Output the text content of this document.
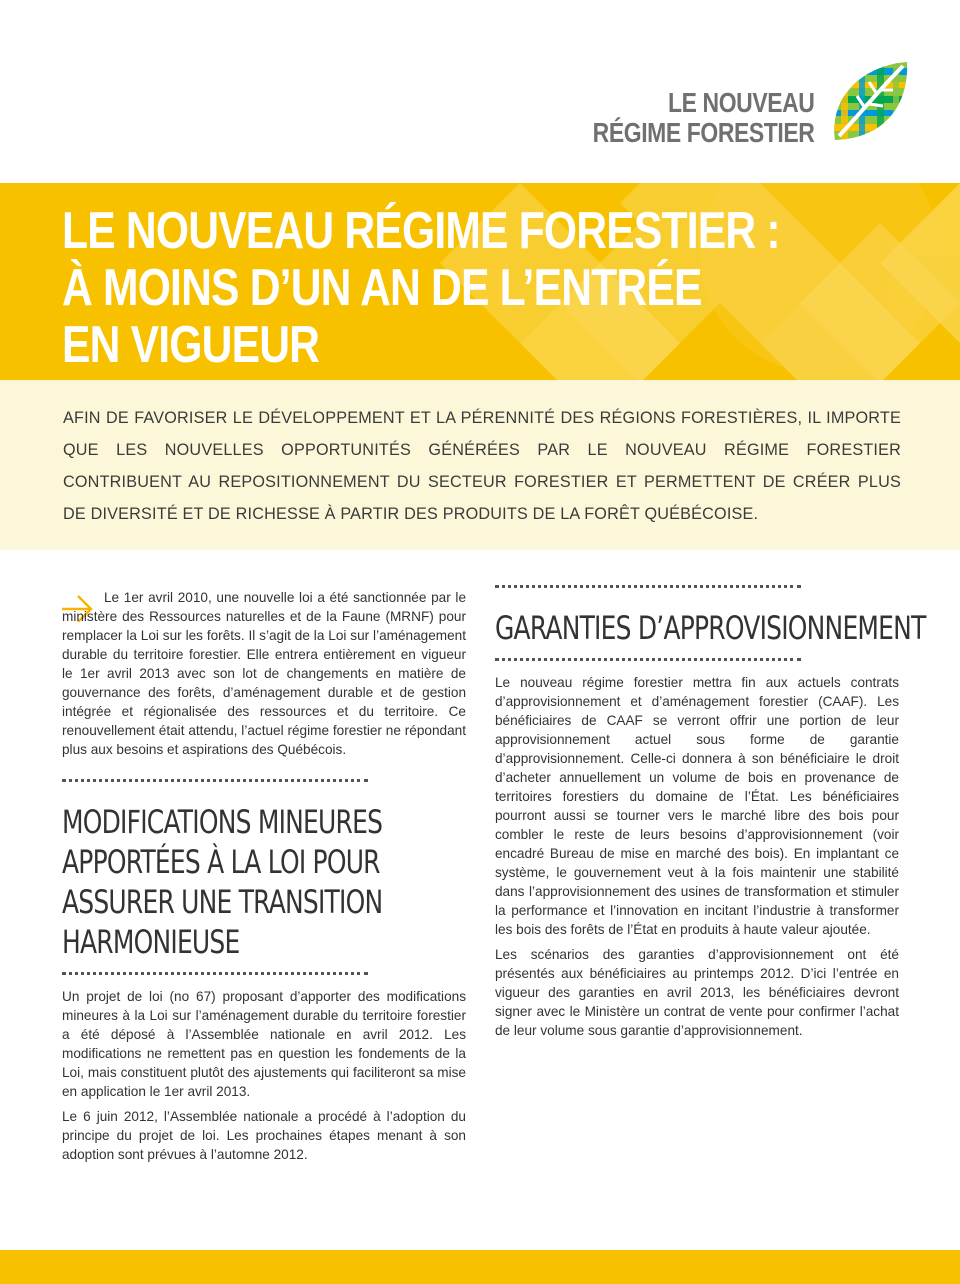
LE NOUVEAU
RÉGIME FORESTIER
LE NOUVEAU RÉGIME FORESTIER :
À MOINS D’UN AN DE L’ENTRÉE
EN VIGUEUR

AFIN DE FAVORISER LE DÉVELOPPEMENT ET LA PÉRENNITÉ DES RÉGIONS FORESTIÈRES, IL IMPORTE QUE LES NOUVELLES OPPORTUNITÉS GÉNÉRÉES PAR LE NOUVEAU RÉGIME FORESTIER CONTRIBUENT AU REPOSITIONNEMENT DU SECTEUR FORESTIER ET PERMETTENT DE CRÉER PLUS DE DIVERSITÉ ET DE RICHESSE À PARTIR DES PRODUITS DE LA FORÊT QUÉBÉCOISE.

Le 1er avril 2010, une nouvelle loi a été sanctionnée par le ministère des Ressources naturelles et de la Faune (MRNF) pour remplacer la Loi sur les forêts. Il s’agit de la Loi sur l’aménagement durable du territoire forestier. Elle entrera entièrement en vigueur le 1er avril 2013 avec son lot de changements en matière de gouvernance des forêts, d’aménagement durable et de gestion intégrée et régionalisée des ressources et du territoire. Ce renouvellement était attendu, l’actuel régime forestier ne répondant plus aux besoins et aspirations des Québécois.

MODIFICATIONS MINEURES
APPORTÉES À LA LOI POUR
ASSURER UNE TRANSITION
HARMONIEUSE

Un projet de loi (no 67) proposant d’apporter des modifications mineures à la Loi sur l’aménagement durable du territoire forestier a été déposé à l’Assemblée nationale en avril 2012. Les modifications ne remettent pas en question les fondements de la Loi, mais constituent plutôt des ajustements qui faciliteront sa mise en application le 1er avril 2013.

Le 6 juin 2012, l’Assemblée nationale a procédé à l’adoption du principe du projet de loi. Les prochaines étapes menant à son adoption sont prévues à l’automne 2012.

GARANTIES D’APPROVISIONNEMENT

Le nouveau régime forestier mettra fin aux actuels contrats d’approvisionnement et d’aménagement forestier (CAAF). Les bénéficiaires de CAAF se verront offrir une portion de leur approvisionnement actuel sous forme de garantie d’approvisionnement. Celle-ci donnera à son bénéficiaire le droit d’acheter annuellement un volume de bois en provenance de territoires forestiers du domaine de l’État. Les bénéficiaires pourront aussi se tourner vers le marché libre des bois pour combler le reste de leurs besoins d’approvisionnement (voir encadré Bureau de mise en marché des bois). En implantant ce système, le gouvernement veut à la fois maintenir une stabilité dans l’approvisionnement des usines de transformation et stimuler la performance et l’innovation en incitant l’industrie à transformer les bois des forêts de l’État en produits à haute valeur ajoutée.

Les scénarios des garanties d’approvisionnement ont été présentés aux bénéficiaires au printemps 2012. D’ici l’entrée en vigueur des garanties en avril 2013, les bénéficiaires devront signer avec le Ministère un contrat de vente pour confirmer l’achat de leur volume sous garantie d’approvisionnement.
